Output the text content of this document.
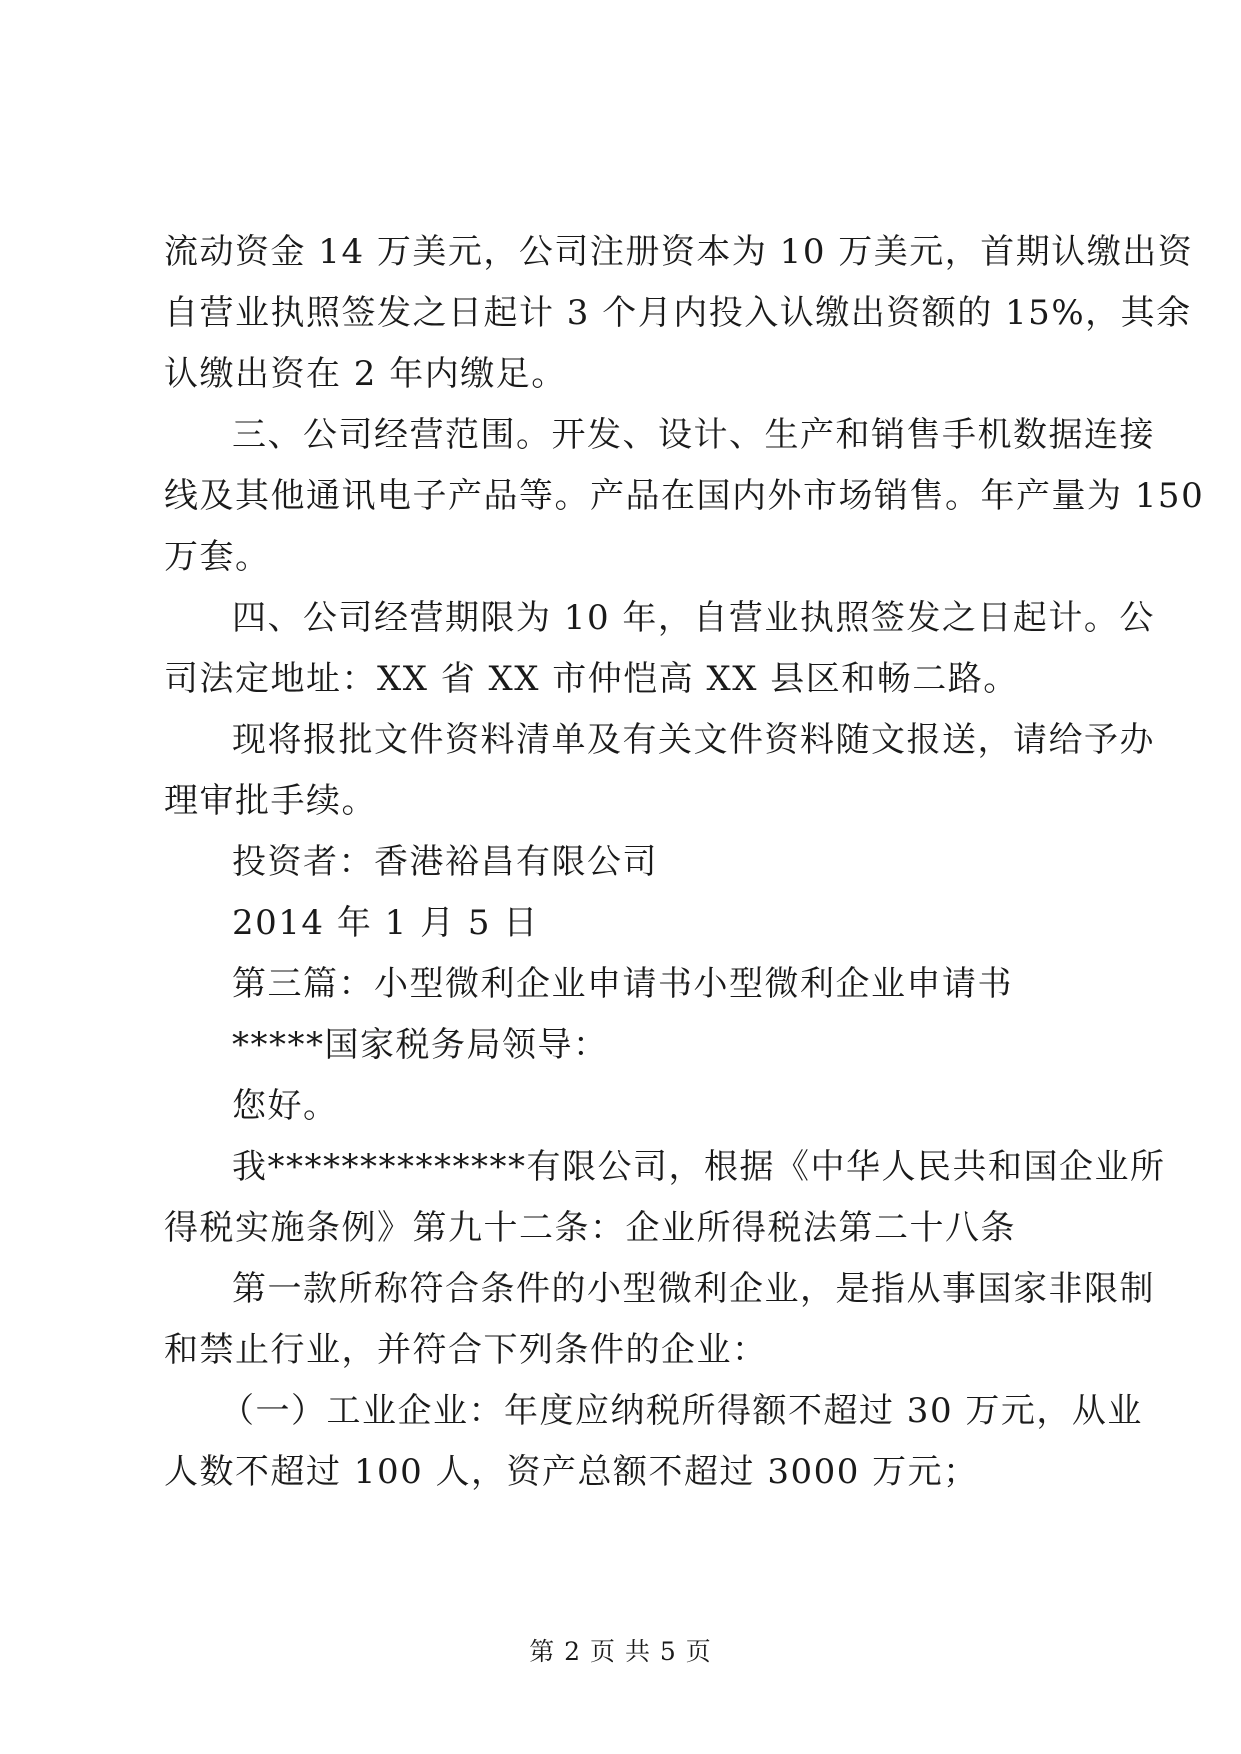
流动资金 14 万美元，公司注册资本为 10 万美元，首期认缴出资
自营业执照签发之日起计 3 个月内投入认缴出资额的 15%，其余
认缴出资在 2 年内缴足。
三、公司经营范围。开发、设计、生产和销售手机数据连接
线及其他通讯电子产品等。产品在国内外市场销售。年产量为 150
万套。
四、公司经营期限为 10 年，自营业执照签发之日起计。公
司法定地址：XX 省 XX 市仲恺高 XX 县区和畅二路。
现将报批文件资料清单及有关文件资料随文报送，请给予办
理审批手续。
投资者：香港裕昌有限公司
2014 年 1 月 5 日
第三篇：小型微利企业申请书小型微利企业申请书
*****国家税务局领导：
您好。
我**************有限公司，根据《中华人民共和国企业所
得税实施条例》第九十二条：企业所得税法第二十八条
第一款所称符合条件的小型微利企业，是指从事国家非限制
和禁止行业，并符合下列条件的企业：
（一）工业企业：年度应纳税所得额不超过 30 万元，从业
人数不超过 100 人，资产总额不超过 3000 万元；
第 2 页 共 5 页
